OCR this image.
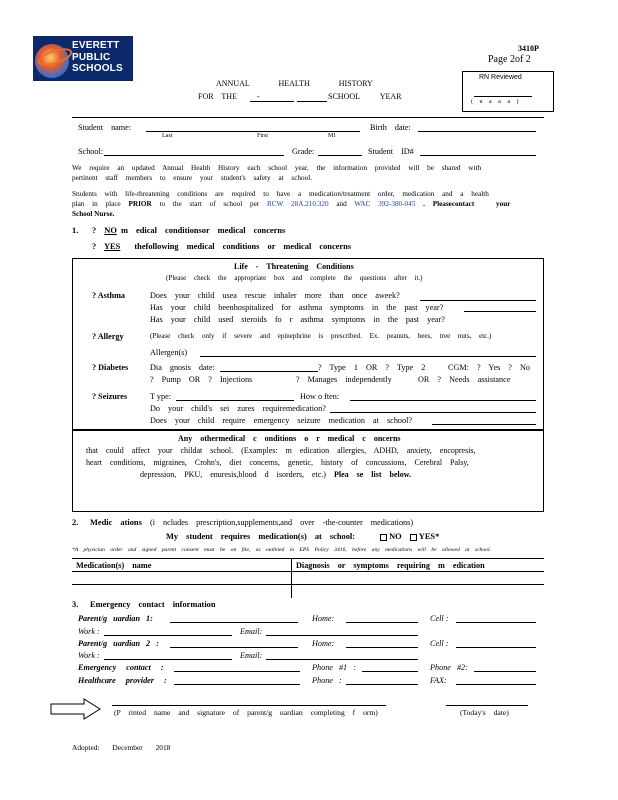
EVERETT
PUBLIC
SCHOOLS
3410P
Page 2of 2
RN Reviewed
( u a a a )
ANNUAL	HEALTH	HISTORY
FOR THE	-	SCHOOL	YEAR
Student name:
Last	First	MI
Birth date:
School:	Grade:	Student ID#
We require an updated Annual Health History each school year, the information provided will be shared with
pertinent staff members to ensure your student's safety at school.
Students with life-threatening conditions are required to have a medication/treatment order, medication and a health
plan in place PRIOR to the start of school per RCW 28A.210.320 and WAC 392-380-045 . Pleasecontact	your
School Nurse.
1. ? NO m edical conditionsor medical concerns
? YES thefollowing medical conditions or medical concerns
Life - Threatening Conditions
(Please check the appropriate box and complete the questions after it.)
? Asthma	Does your child usea rescue inhaler more than once aweek?
Has your child beenhospitalized for asthma symptoms in the past year?
Has your child used steroids fo r asthma symptoms in the past year?
? Allergy	(Please check only if severe and epinephrine is prescribed. Ex. peanuts, bees, tree nuts, etc.)
Allergen(s)
? Diabetes	Dia gnosis date:	? Type 1 OR ? Type 2	CGM: ? Yes ? No
? Pump OR ? Injections	? Manages independently	OR ? Needs assistance
? Seizures	T ype:	How o ften:
Do your child's sei zures requiremedication?
Does your child require emergency seizure medication at school?
Any othermedical c onditions o r medical c oncerns
that could affect your childat school. (Examples: m edication allergies, ADHD, anxiety, encopresis,
heart conditions, migraines, Crohn's, diet concerns, genetic, history of concussions, Cerebral Palsy,
depression, PKU, enuresis,blood d isorders, etc.) Plea se list below.
2. Medic ations (i ncludes prescription,supplements,and over -the-counter medications)
My student requires medication(s) at school:	NO	YES*
*A physician order and signed parent consent must be on file, as outlined in EPS Policy 3416, before any medications will be allowed at school.
Medication(s) name	Diagnosis or symptoms requiring m edication
3. Emergency contact information
Parent/g uardian 1:	Home:	Cell :
Work :	Email:
Parent/g uardian 2 :	Home:	Cell :
Work :	Email:
Emergency contact :	Phone #1 :	Phone #2:
Healthcare provider :	Phone :	FAX:
(P rinted name and signature of parent/g uardian completing f orm)	(Today's date)
Adopted: December 2018
